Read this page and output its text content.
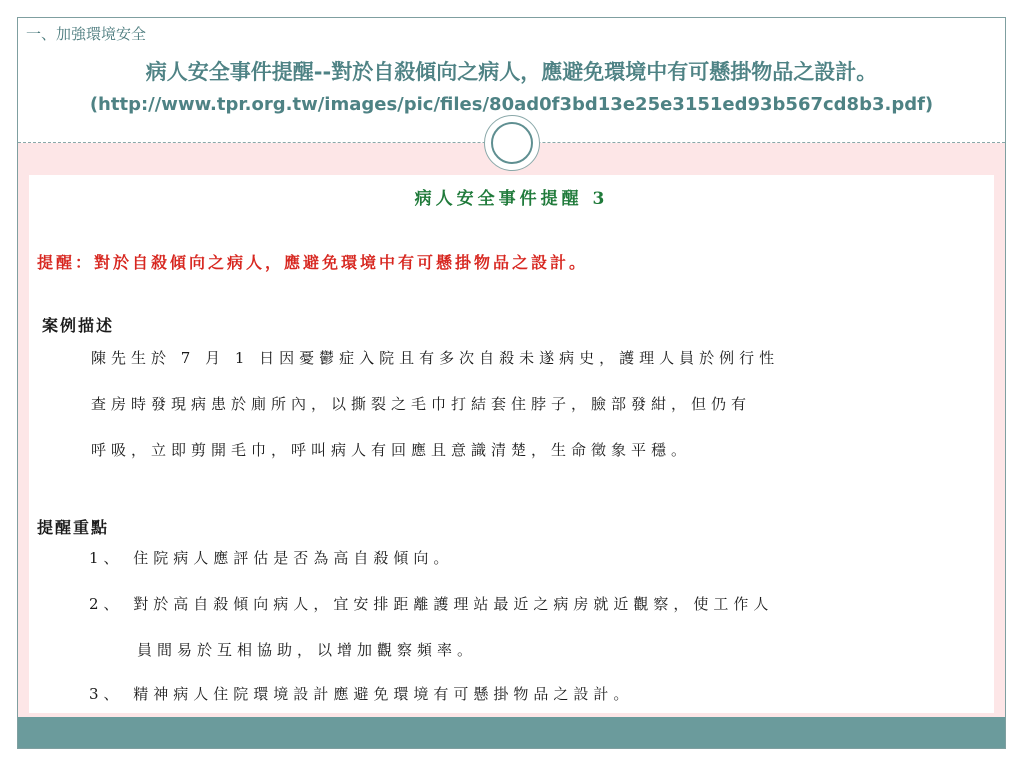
一、加強環境安全
病人安全事件提醒--對於自殺傾向之病人，應避免環境中有可懸掛物品之設計。
(http://www.tpr.org.tw/images/pic/files/80ad0f3bd13e25e3151ed93b567cd8b3.pdf)
病人安全事件提醒 3
提醒：對於自殺傾向之病人，應避免環境中有可懸掛物品之設計。
案例描述
陳先生於 7 月 1 日因憂鬱症入院且有多次自殺未遂病史，護理人員於例行性
查房時發現病患於廁所內，以撕裂之毛巾打結套住脖子，臉部發紺，但仍有
呼吸，立即剪開毛巾，呼叫病人有回應且意識清楚，生命徵象平穩。
提醒重點
1、 住院病人應評估是否為高自殺傾向。
2、 對於高自殺傾向病人，宜安排距離護理站最近之病房就近觀察，使工作人
員間易於互相協助，以增加觀察頻率。
3、 精神病人住院環境設計應避免環境有可懸掛物品之設計。
